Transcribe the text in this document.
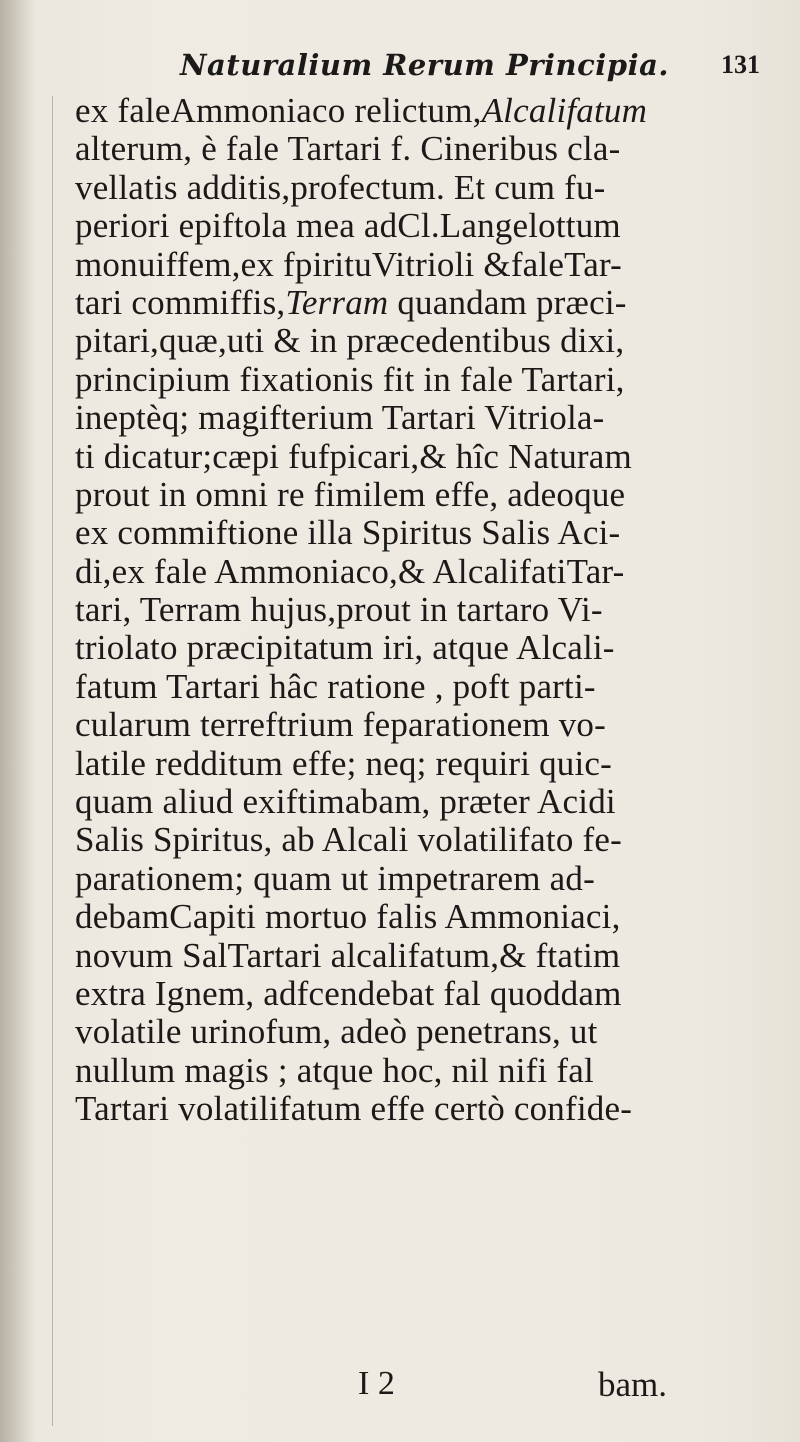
Naturalium Rerum Principia. 131
ex faleAmmoniaco relictum,Alcalifatum
alterum, è fale Tartari f. Cineribus cla-
vellatis additis,profectum. Et cum fu-
periori epiftola mea adCl.Langelottum
monuiffem,ex fpirituVitrioli &faleTar-
tari commiffis,Terram quandam præci-
pitari,quæ,uti & in præcedentibus dixi,
principium fixationis fit in fale Tartari,
ineptèq; magifterium Tartari Vitriola-
ti dicatur;cæpi fufpicari,& hîc Naturam
prout in omni re fimilem effe, adeoque
ex commiftione illa Spiritus Salis Aci-
di,ex fale Ammoniaco,& AlcalifatiTar-
tari, Terram hujus,prout in tartaro Vi-
triolato præcipitatum iri, atque Alcali-
fatum Tartari hâc ratione , poft parti-
cularum terreftrium feparationem vo-
latile redditum effe; neq; requiri quic-
quam aliud exiftimabam, præter Acidi
Salis Spiritus, ab Alcali volatilifato fe-
parationem; quam ut impetrarem ad-
debamCapiti mortuo falis Ammoniaci,
novum SalTartari alcalifatum,& ftatim
extra Ignem, adfcendebat fal quoddam
volatile urinofum, adeò penetrans, ut
nullum magis ; atque hoc, nil nifi fal
Tartari volatilifatum effe certò confide-
I 2	bam.
